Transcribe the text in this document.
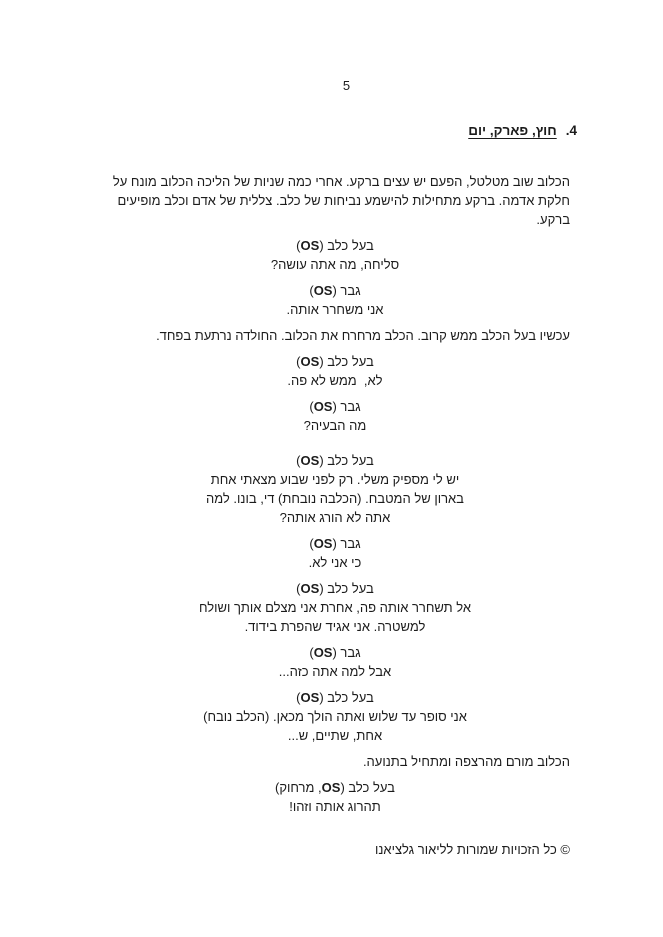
5

4.חוץ, פארק, יום

הכלוב שוב מטלטל, הפעם יש עצים ברקע. אחרי כמה שניות של הליכה הכלוב מונח על
חלקת אדמה. ברקע מתחילות להישמע נביחות של כלב. צללית של אדם וכלב מופיעים
ברקע.
בעל כלב (OS)
סליחה, מה אתה עושה?
גבר (OS)
אני משחרר אותה.
עכשיו בעל הכלב ממש קרוב. הכלב מרחרח את הכלוב. החולדה נרתעת בפחד.
בעל כלב (OS)
לא,  ממש לא פה.
גבר (OS)
מה הבעיה?
בעל כלב (OS)
יש לי מספיק משלי. רק לפני שבוע מצאתי אחת
בארון של המטבח. (הכלבה נובחת) די, בונו. למה
אתה לא הורג אותה?
גבר (OS)
כי אני לא.
בעל כלב (OS)
אל תשחרר אותה פה, אחרת אני מצלם אותך ושולח
למשטרה. אני אגיד שהפרת בידוד.
גבר (OS)
אבל למה אתה כזה...
בעל כלב (OS)
אני סופר עד שלוש ואתה הולך מכאן. (הכלב נובח)
אחת, שתיים, ש...
הכלוב מורם מהרצפה ומתחיל בתנועה.
בעל כלב (OS, מרחוק)
תהרוג אותה וזהו!
© כל הזכויות שמורות לליאור גלציאנו
